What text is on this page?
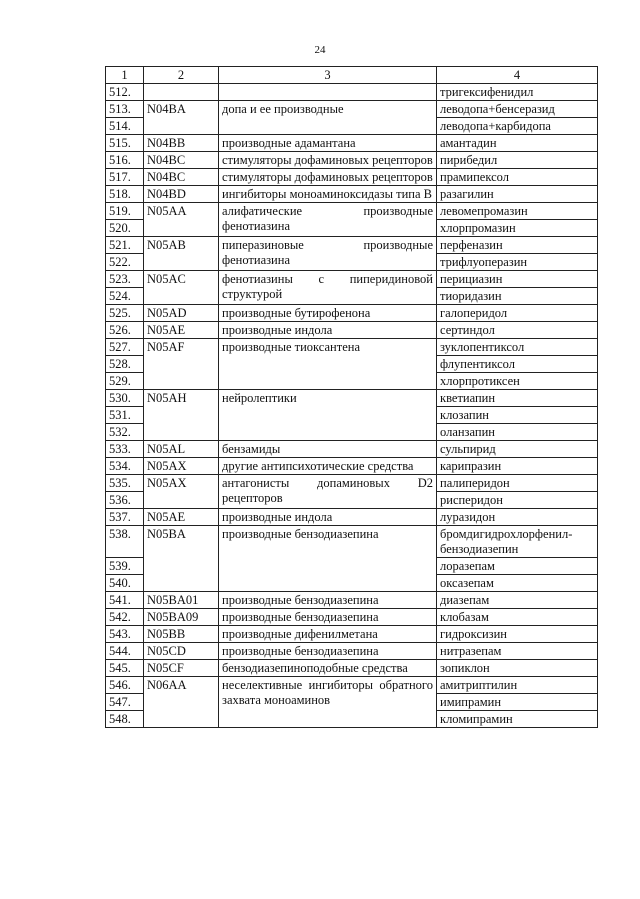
24
1	2	3	4
512.			тригексифенидил
513.	N04BA	допа и ее производные	леводопа+бенсеразид
514.			леводопа+карбидопа
515.	N04BB	производные адамантана	амантадин
516.	N04BC	стимуляторы дофаминовых рецепторов	пирибедил
517.	N04BC	стимуляторы дофаминовых рецепторов	прамипексол
518.	N04BD	ингибиторы моноаминоксидазы типа B	разагилин
519.	N05AA	алифатические производные фенотиазина	левомепромазин
520.			хлорпромазин
521.	N05AB	пиперазиновые производные фенотиазина	перфеназин
522.			трифлуоперазин
523.	N05AC	фенотиазины с пиперидиновой структурой	перициазин
524.			тиоридазин
525.	N05AD	производные бутирофенона	галоперидол
526.	N05AE	производные индола	сертиндол
527.	N05AF	производные тиоксантена	зуклопентиксол
528.			флупентиксол
529.			хлорпротиксен
530.	N05AH	нейролептики	кветиапин
531.			клозапин
532.			оланзапин
533.	N05AL	бензамиды	сульпирид
534.	N05AX	другие антипсихотические средства	карипразин
535.	N05AX	антагонисты допаминовых D2 рецепторов	палиперидон
536.			рисперидон
537.	N05AE	производные индола	луразидон
538.	N05BA	производные бензодиазепина	бромдигидрохлорфенил-бензодиазепин
539.			лоразепам
540.			оксазепам
541.	N05BA01	производные бензодиазепина	диазепам
542.	N05BA09	производные бензодиазепина	клобазам
543.	N05BB	производные дифенилметана	гидроксизин
544.	N05CD	производные бензодиазепина	нитразепам
545.	N05CF	бензодиазепиноподобные средства	зопиклон
546.	N06AA	неселективные ингибиторы обратного захвата моноаминов	амитриптилин
547.			имипрамин
548.			кломипрамин
